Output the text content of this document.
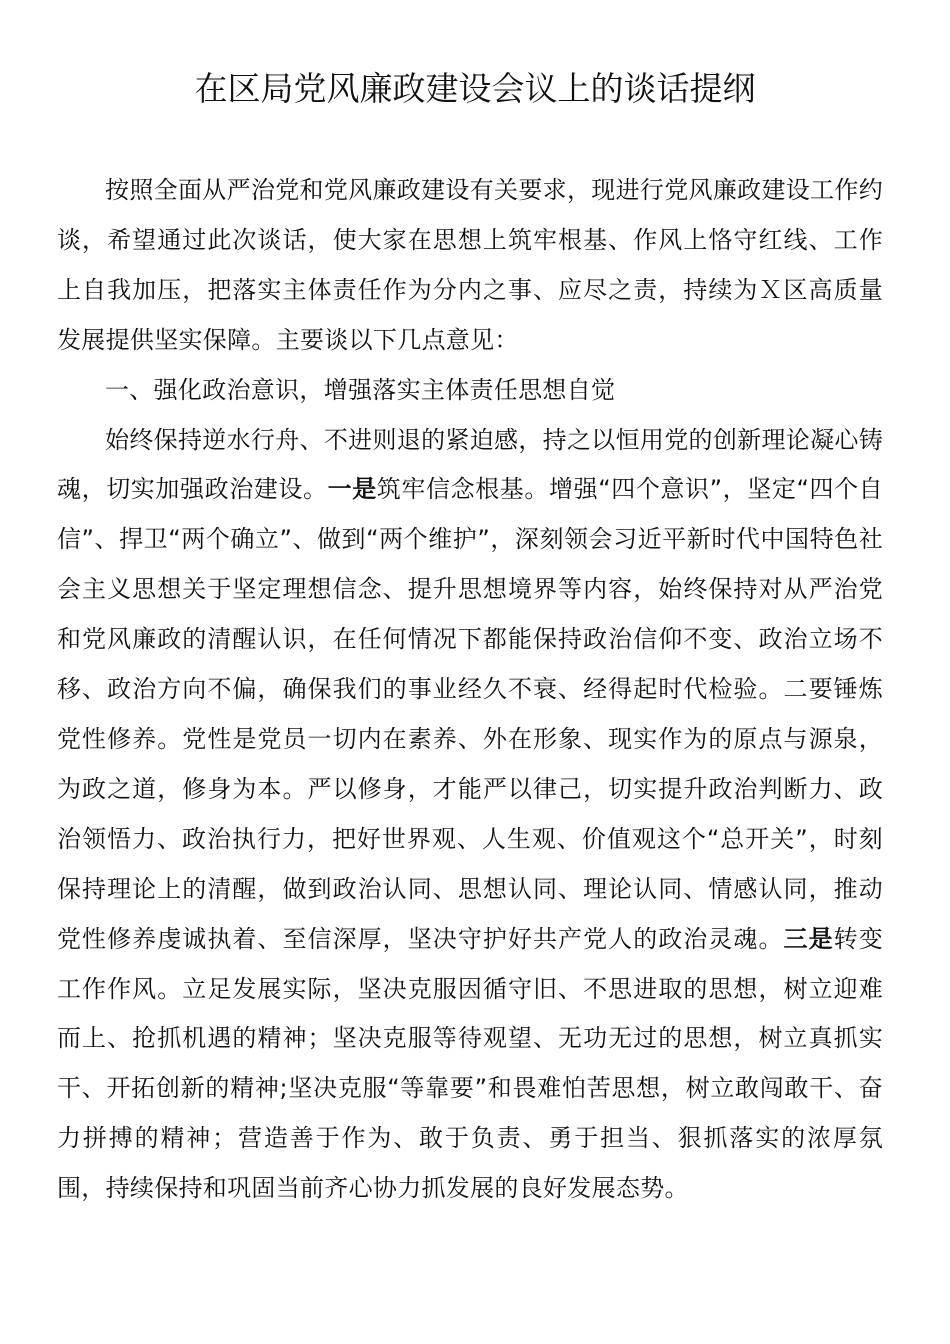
在区局党风廉政建设会议上的谈话提纲

按照全面从严治党和党风廉政建设有关要求，现进行党风廉政建设工作约谈，希望通过此次谈话，使大家在思想上筑牢根基、作风上恪守红线、工作上自我加压，把落实主体责任作为分内之事、应尽之责，持续为Ｘ区高质量发展提供坚实保障。主要谈以下几点意见：

一、强化政治意识，增强落实主体责任思想自觉

始终保持逆水行舟、不进则退的紧迫感，持之以恒用党的创新理论凝心铸魂，切实加强政治建设。一是筑牢信念根基。增强“四个意识”，坚定“四个自信”、捍卫“两个确立”、做到“两个维护”，深刻领会习近平新时代中国特色社会主义思想关于坚定理想信念、提升思想境界等内容，始终保持对从严治党和党风廉政的清醒认识，在任何情况下都能保持政治信仰不变、政治立场不移、政治方向不偏，确保我们的事业经久不衰、经得起时代检验。二要锤炼党性修养。党性是党员一切内在素养、外在形象、现实作为的原点与源泉，为政之道，修身为本。严以修身，才能严以律己，切实提升政治判断力、政治领悟力、政治执行力，把好世界观、人生观、价值观这个“总开关”，时刻保持理论上的清醒，做到政治认同、思想认同、理论认同、情感认同，推动党性修养虔诚执着、至信深厚，坚决守护好共产党人的政治灵魂。三是转变工作作风。立足发展实际，坚决克服因循守旧、不思进取的思想，树立迎难而上、抢抓机遇的精神；坚决克服等待观望、无功无过的思想，树立真抓实干、开拓创新的精神;坚决克服“等靠要”和畏难怕苦思想，树立敢闯敢干、奋力拼搏的精神；营造善于作为、敢于负责、勇于担当、狠抓落实的浓厚氛围，持续保持和巩固当前齐心协力抓发展的良好发展态势。
